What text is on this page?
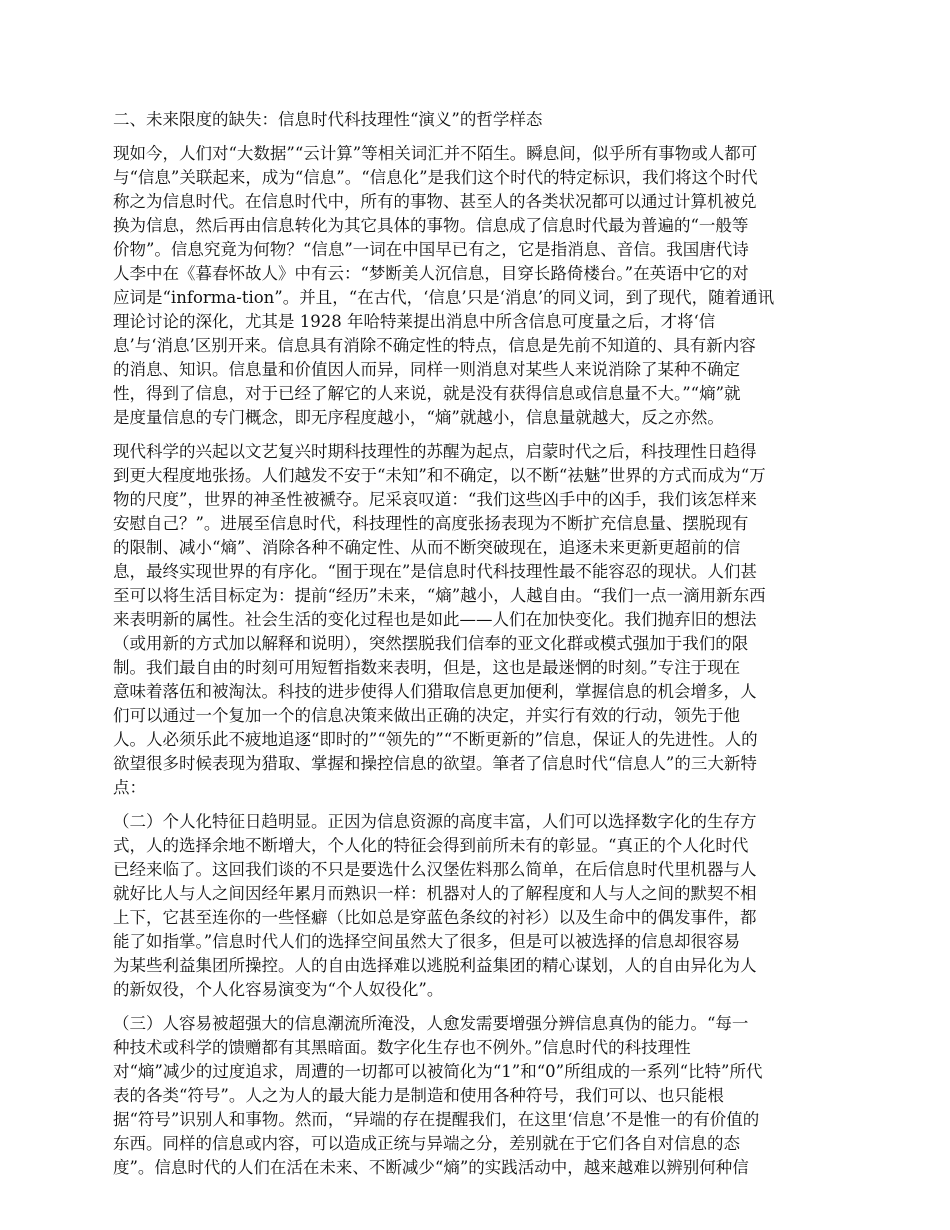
二、未来限度的缺失：信息时代科技理性“演义”的哲学样态
现如今，人们对“大数据”“云计算”等相关词汇并不陌生。瞬息间，似乎所有事物或人都可
与“信息”关联起来，成为“信息”。“信息化”是我们这个时代的特定标识，我们将这个时代
称之为信息时代。在信息时代中，所有的事物、甚至人的各类状况都可以通过计算机被兑
换为信息，然后再由信息转化为其它具体的事物。信息成了信息时代最为普遍的“一般等
价物”。信息究竟为何物？“信息”一词在中国早已有之，它是指消息、音信。我国唐代诗
人李中在《暮春怀故人》中有云：“梦断美人沉信息，目穿长路倚楼台。”在英语中它的对
应词是“informa-tion”。并且，“在古代，‘信息’只是‘消息’的同义词，到了现代，随着通讯
理论讨论的深化，尤其是 1928 年哈特莱提出消息中所含信息可度量之后，才将‘信
息’与‘消息’区别开来。信息具有消除不确定性的特点，信息是先前不知道的、具有新内容
的消息、知识。信息量和价值因人而异，同样一则消息对某些人来说消除了某种不确定
性，得到了信息，对于已经了解它的人来说，就是没有获得信息或信息量不大。”“熵”就
是度量信息的专门概念，即无序程度越小，“熵”就越小，信息量就越大，反之亦然。
现代科学的兴起以文艺复兴时期科技理性的苏醒为起点，启蒙时代之后，科技理性日趋得
到更大程度地张扬。人们越发不安于“未知”和不确定，以不断“祛魅”世界的方式而成为“万
物的尺度”，世界的神圣性被褫夺。尼采哀叹道：“我们这些凶手中的凶手，我们该怎样来
安慰自己？”。进展至信息时代，科技理性的高度张扬表现为不断扩充信息量、摆脱现有
的限制、减小“熵”、消除各种不确定性、从而不断突破现在，追逐未来更新更超前的信
息，最终实现世界的有序化。“囿于现在”是信息时代科技理性最不能容忍的现状。人们甚
至可以将生活目标定为：提前“经历”未来，“熵”越小，人越自由。“我们一点一滴用新东西
来表明新的属性。社会生活的变化过程也是如此——人们在加快变化。我们抛弃旧的想法
（或用新的方式加以解释和说明），突然摆脱我们信奉的亚文化群或模式强加于我们的限
制。我们最自由的时刻可用短暂指数来表明，但是，这也是最迷惘的时刻。”专注于现在
意味着落伍和被淘汰。科技的进步使得人们猎取信息更加便利，掌握信息的机会增多，人
们可以通过一个复加一个的信息决策来做出正确的决定，并实行有效的行动，领先于他
人。人必须乐此不疲地追逐“即时的”“领先的”“不断更新的”信息，保证人的先进性。人的
欲望很多时候表现为猎取、掌握和操控信息的欲望。筆者了信息时代“信息人”的三大新特
点：
（二）个人化特征日趋明显。正因为信息资源的高度丰富，人们可以选择数字化的生存方
式，人的选择余地不断增大，个人化的特征会得到前所未有的彰显。“真正的个人化时代
已经来临了。这回我们谈的不只是要选什么汉堡佐料那么简单，在后信息时代里机器与人
就好比人与人之间因经年累月而熟识一样：机器对人的了解程度和人与人之间的默契不相
上下，它甚至连你的一些怪癖（比如总是穿蓝色条纹的衬衫）以及生命中的偶发事件，都
能了如指掌。”信息时代人们的选择空间虽然大了很多，但是可以被选择的信息却很容易
为某些利益集团所操控。人的自由选择难以逃脱利益集团的精心谋划，人的自由异化为人
的新奴役，个人化容易演变为“个人奴役化”。
（三）人容易被超强大的信息潮流所淹没，人愈发需要增强分辨信息真伪的能力。“每一
种技术或科学的馈赠都有其黑暗面。数字化生存也不例外。”信息时代的科技理性
对“熵”减少的过度追求，周遭的一切都可以被简化为“1”和“0”所组成的一系列“比特”所代
表的各类“符号”。人之为人的最大能力是制造和使用各种符号，我们可以、也只能根
据“符号”识别人和事物。然而，“异端的存在提醒我们，在这里‘信息’不是惟一的有价值的
东西。同样的信息或内容，可以造成正统与异端之分，差别就在于它们各自对信息的态
度”。信息时代的人们在活在未来、不断减少“熵”的实践活动中，越来越难以辨别何种信
